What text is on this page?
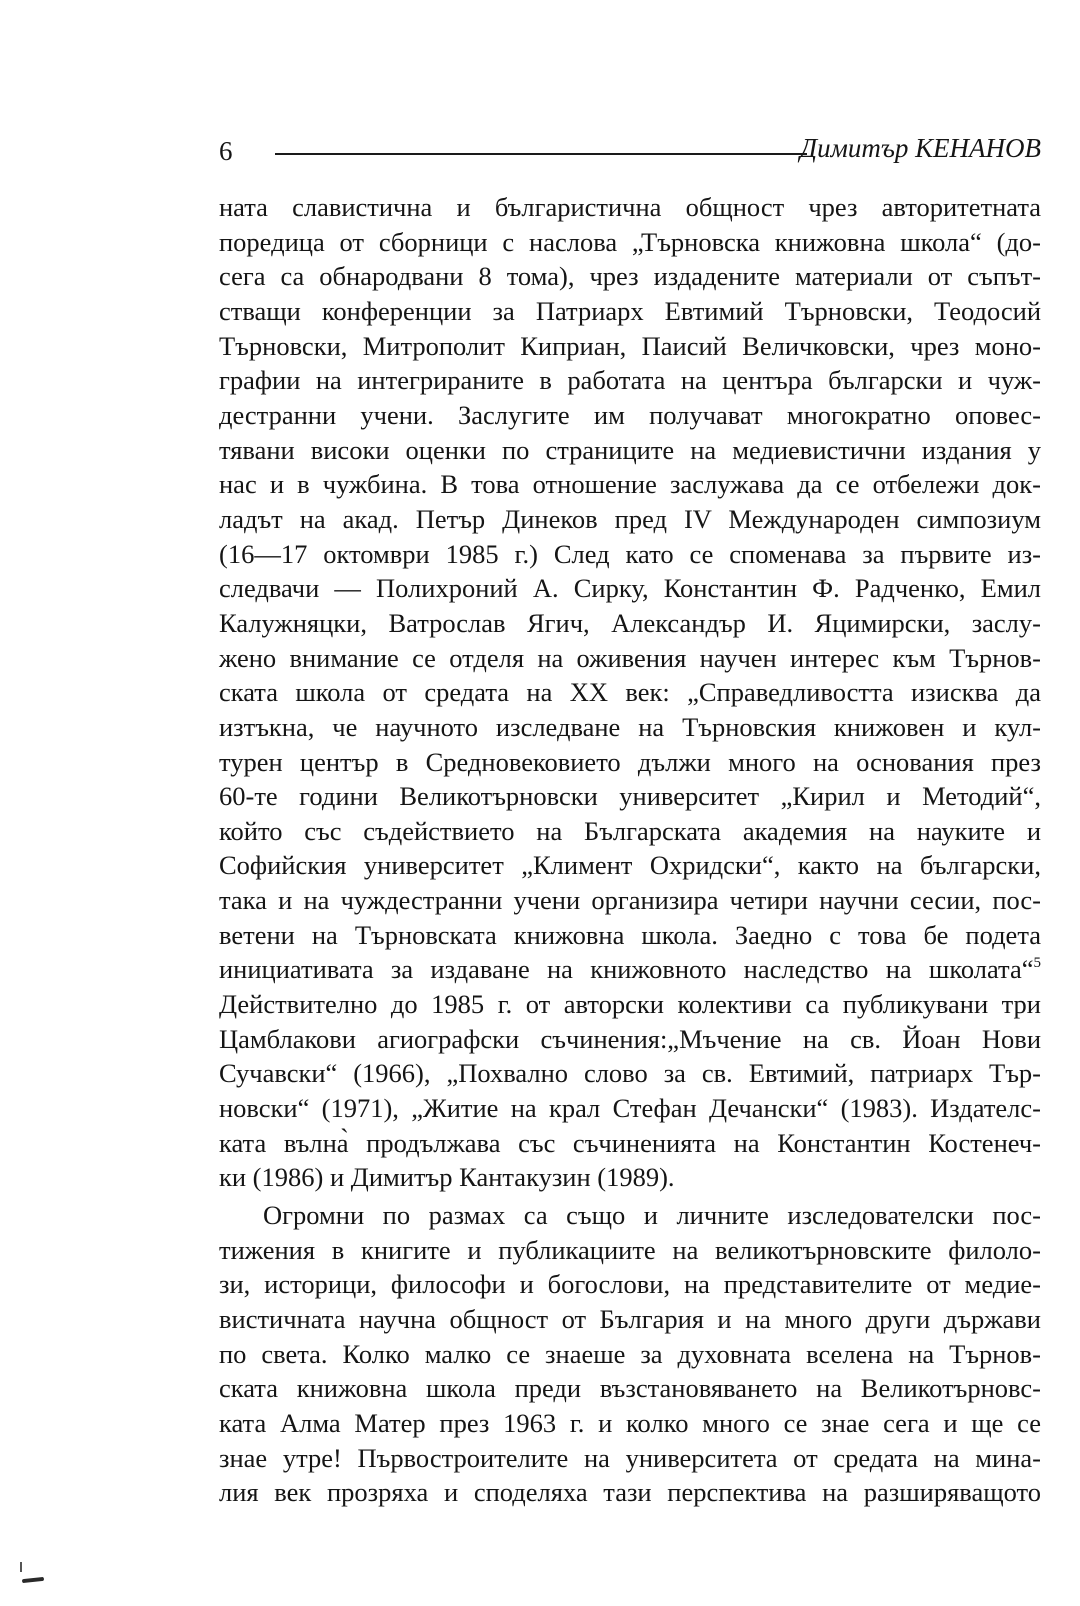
6	Димитър КЕНАНОВ
ната славистична и българистична общност чрез авторитетната
поредица от сборници с наслова „Търновска книжовна школа“ (до-
сега са обнародвани 8 тома), чрез издадените материали от съпът-
стващи конференции за Патриарх Евтимий Търновски, Теодосий
Търновски, Митрополит Киприан, Паисий Величковски, чрез моно-
графии на интегрираните в работата на центъра български и чуж-
дестранни учени. Заслугите им получават многократно оповес-
тявани високи оценки по страниците на медиевистични издания у
нас и в чужбина. В това отношение заслужава да се отбележи док-
ладът на акад. Петър Динеков пред IV Международен симпозиум
(16—17 октомври 1985 г.) След като се споменава за първите из-
следвачи — Полихроний А. Сирку, Константин Ф. Радченко, Емил
Калужняцки, Ватрослав Ягич, Александър И. Яцимирски, заслу-
жено внимание се отделя на оживения научен интерес към Търнов-
ската школа от средата на XX век: „Справедливостта изисква да
изтъкна, че научното изследване на Търновския книжовен и кул-
турен център в Средновековието дължи много на основания през
60-те години Великотърновски университет „Кирил и Методий“,
който със съдействието на Българската академия на науките и
Софийския университет „Климент Охридски“, както на български,
така и на чуждестранни учени организира четири научни сесии, пос-
ветени на Търновската книжовна школа. Заедно с това бе подета
инициативата за издаване на книжовното наследство на школата“$^5$
Действително до 1985 г. от авторски колективи са публикувани три
Цамблакови агиографски съчинения:„Мъчение на св. Йоан Нови
Сучавски“ (1966), „Похвално слово за св. Евтимий, патриарх Тър-
новски“ (1971), „Житие на крал Стефан Дечански“ (1983). Издателс-
ката вълна̀ продължава със съчиненията на Константин Костенеч-
ки (1986) и Димитър Кантакузин (1989).
Огромни по размах са също и личните изследователски пос-
тижения в книгите и публикациите на великотърновските филоло-
зи, историци, философи и богослови, на представителите от медие-
вистичната научна общност от България и на много други държави
по света. Колко малко се знаеше за духовната вселена на Търнов-
ската книжовна школа преди възстановяването на Великотърновс-
ката Алма Матер през 1963 г. и колко много се знае сега и ще се
знае утре! Първостроителите на университета от средата на мина-
лия век прозряха и споделяха тази перспектива на разширяващото
